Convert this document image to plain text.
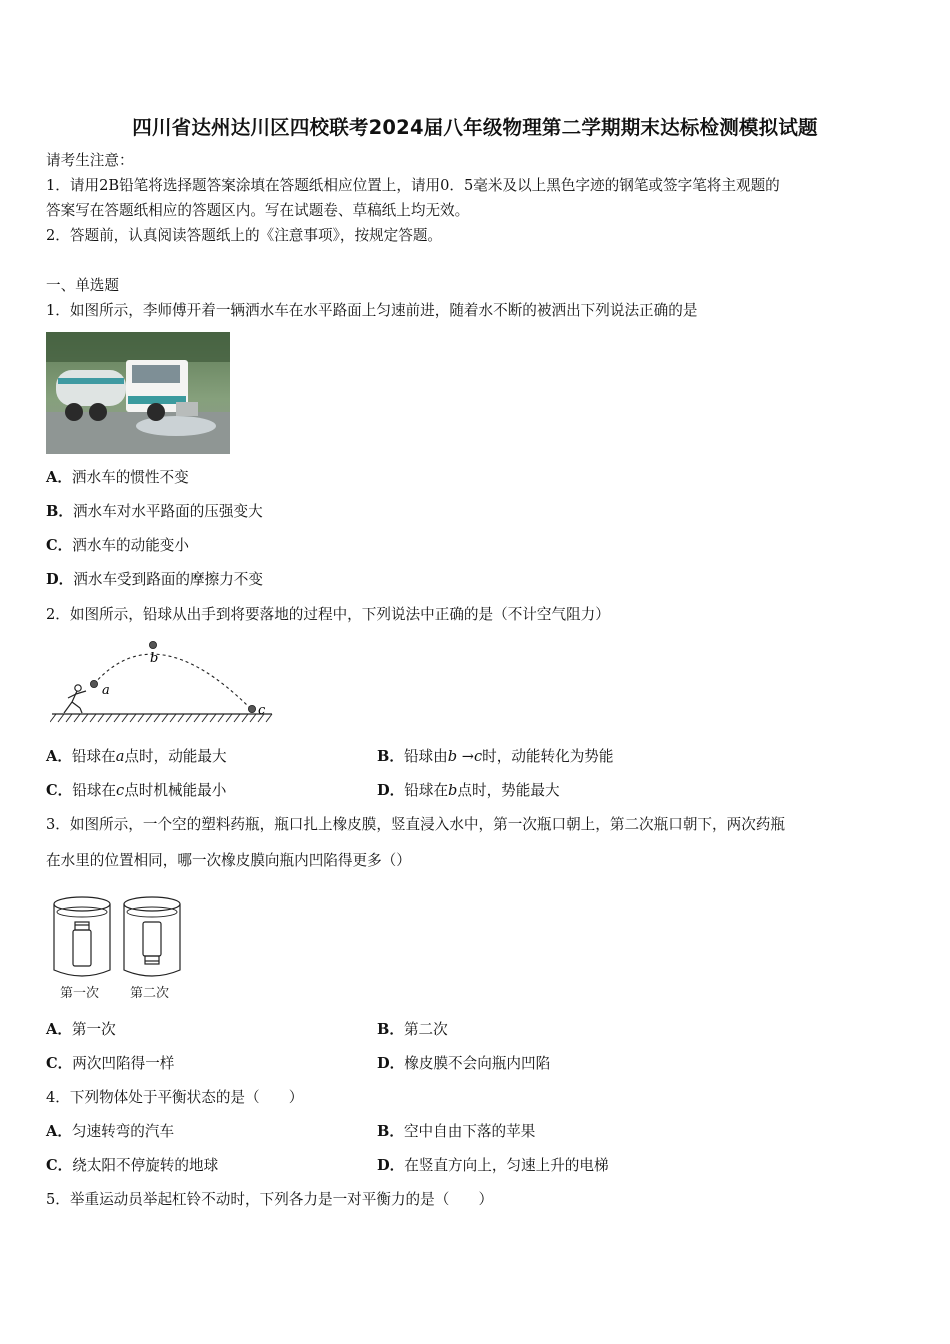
四川省达州达川区四校联考2024届八年级物理第二学期期末达标检测模拟试题
请考生注意：
1．请用2B铅笔将选择题答案涂填在答题纸相应位置上，请用0．5毫米及以上黑色字迹的钢笔或签字笔将主观题的
答案写在答题纸相应的答题区内。写在试题卷、草稿纸上均无效。
2．答题前，认真阅读答题纸上的《注意事项》，按规定答题。
一、单选题
1．如图所示，李师傅开着一辆洒水车在水平路面上匀速前进，随着水不断的被洒出下列说法正确的是
A．洒水车的惯性不变
B．洒水车对水平路面的压强变大
C．洒水车的动能变小
D．洒水车受到路面的摩擦力不变
2．如图所示，铅球从出手到将要落地的过程中，下列说法中正确的是（不计空气阻力）
a
b
c
A．铅球在a点时，动能最大	B．铅球由b →c时，动能转化为势能
C．铅球在c点时机械能最小	D．铅球在b点时，势能最大
3．如图所示，一个空的塑料药瓶，瓶口扎上橡皮膜，竖直浸入水中，第一次瓶口朝上，第二次瓶口朝下，两次药瓶
在水里的位置相同，哪一次橡皮膜向瓶内凹陷得更多（）
第一次 第二次
A．第一次	B．第二次
C．两次凹陷得一样	D．橡皮膜不会向瓶内凹陷
4．下列物体处于平衡状态的是（　　）
A．匀速转弯的汽车	B．空中自由下落的苹果
C．绕太阳不停旋转的地球	D．在竖直方向上，匀速上升的电梯
5．举重运动员举起杠铃不动时，下列各力是一对平衡力的是（　　）
